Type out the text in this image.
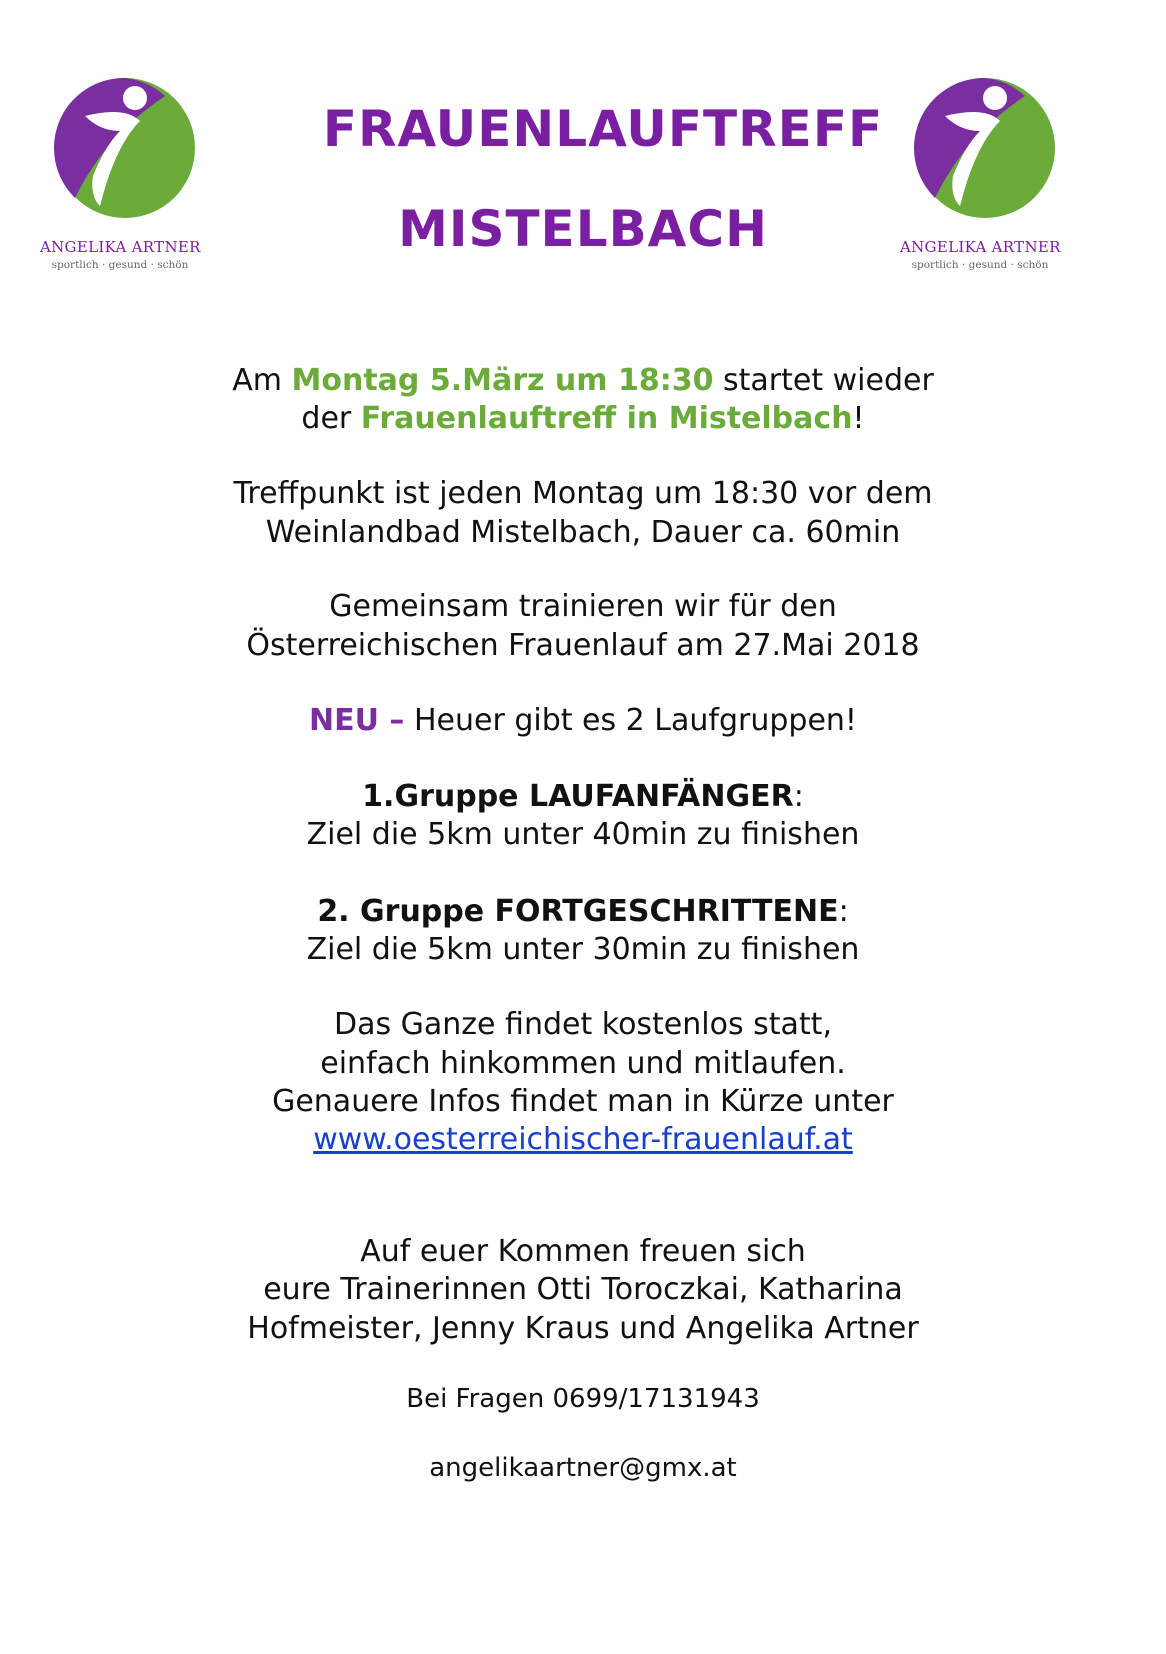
ANGELIKA ARTNER
sportlich · gesund · schön
ANGELIKA ARTNER
sportlich · gesund · schön
FRAUENLAUFTREFF
MISTELBACH
Am Montag 5.März um 18:30 startet wieder
der Frauenlauftreff in Mistelbach!
Treffpunkt ist jeden Montag um 18:30 vor dem
Weinlandbad Mistelbach, Dauer ca. 60min
Gemeinsam trainieren wir für den
Österreichischen Frauenlauf am 27.Mai 2018
NEU – Heuer gibt es 2 Laufgruppen!
1.Gruppe LAUFANFÄNGER:
Ziel die 5km unter 40min zu finishen
2. Gruppe FORTGESCHRITTENE:
Ziel die 5km unter 30min zu finishen
Das Ganze findet kostenlos statt,
einfach hinkommen und mitlaufen.
Genauere Infos findet man in Kürze unter
www.oesterreichischer-frauenlauf.at
Auf euer Kommen freuen sich
eure Trainerinnen Otti Toroczkai, Katharina
Hofmeister, Jenny Kraus und Angelika Artner
Bei Fragen 0699/17131943
angelikaartner@gmx.at
